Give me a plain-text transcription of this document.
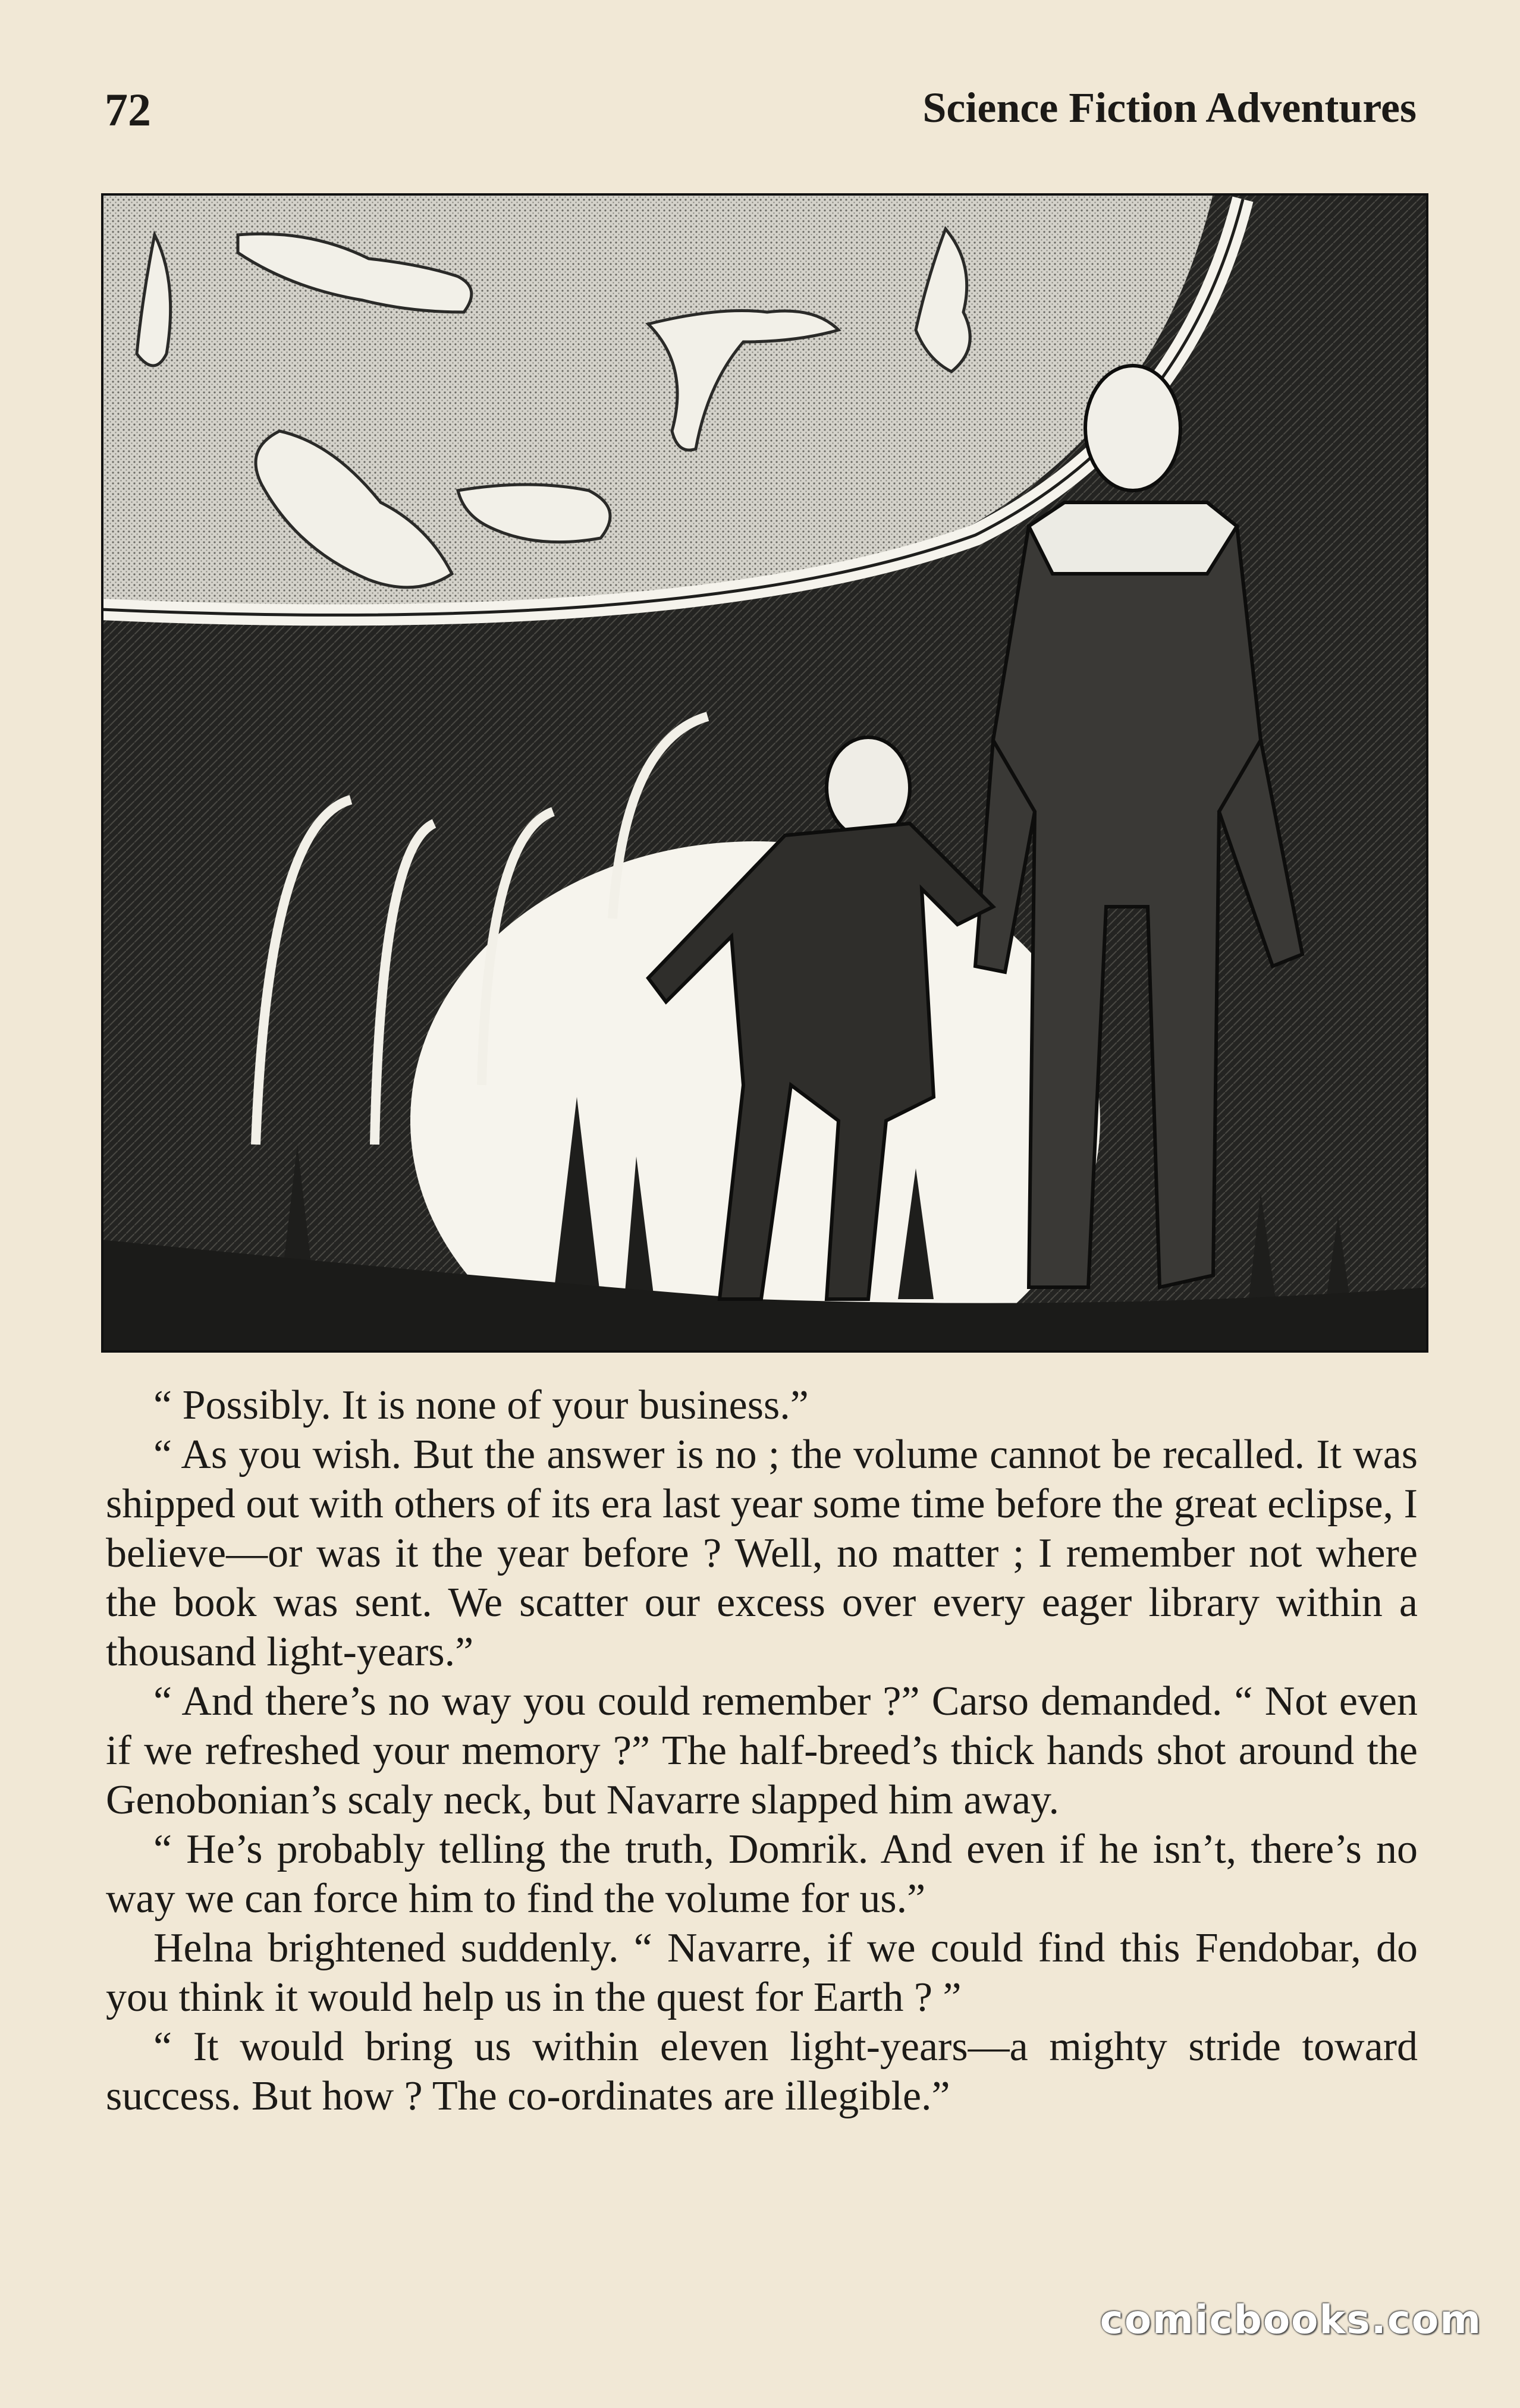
72	Science Fiction Adventures

“ Possibly. It is none of your business.”

“ As you wish. But the answer is no ; the volume cannot be recalled. It was shipped out with others of its era last year some time before the great eclipse, I believe—or was it the year before ? Well, no matter ; I remember not where the book was sent. We scatter our excess over every eager library within a thousand light-years.”

“ And there’s no way you could remember ?” Carso demanded. “ Not even if we refreshed your memory ?” The half-breed’s thick hands shot around the Genobonian’s scaly neck, but Navarre slapped him away.

“ He’s probably telling the truth, Domrik. And even if he isn’t, there’s no way we can force him to find the volume for us.”

Helna brightened suddenly. “ Navarre, if we could find this Fendobar, do you think it would help us in the quest for Earth ? ”

“ It would bring us within eleven light-years—a mighty stride toward success. But how ? The co-ordinates are illegible.”

comicbooks.com
